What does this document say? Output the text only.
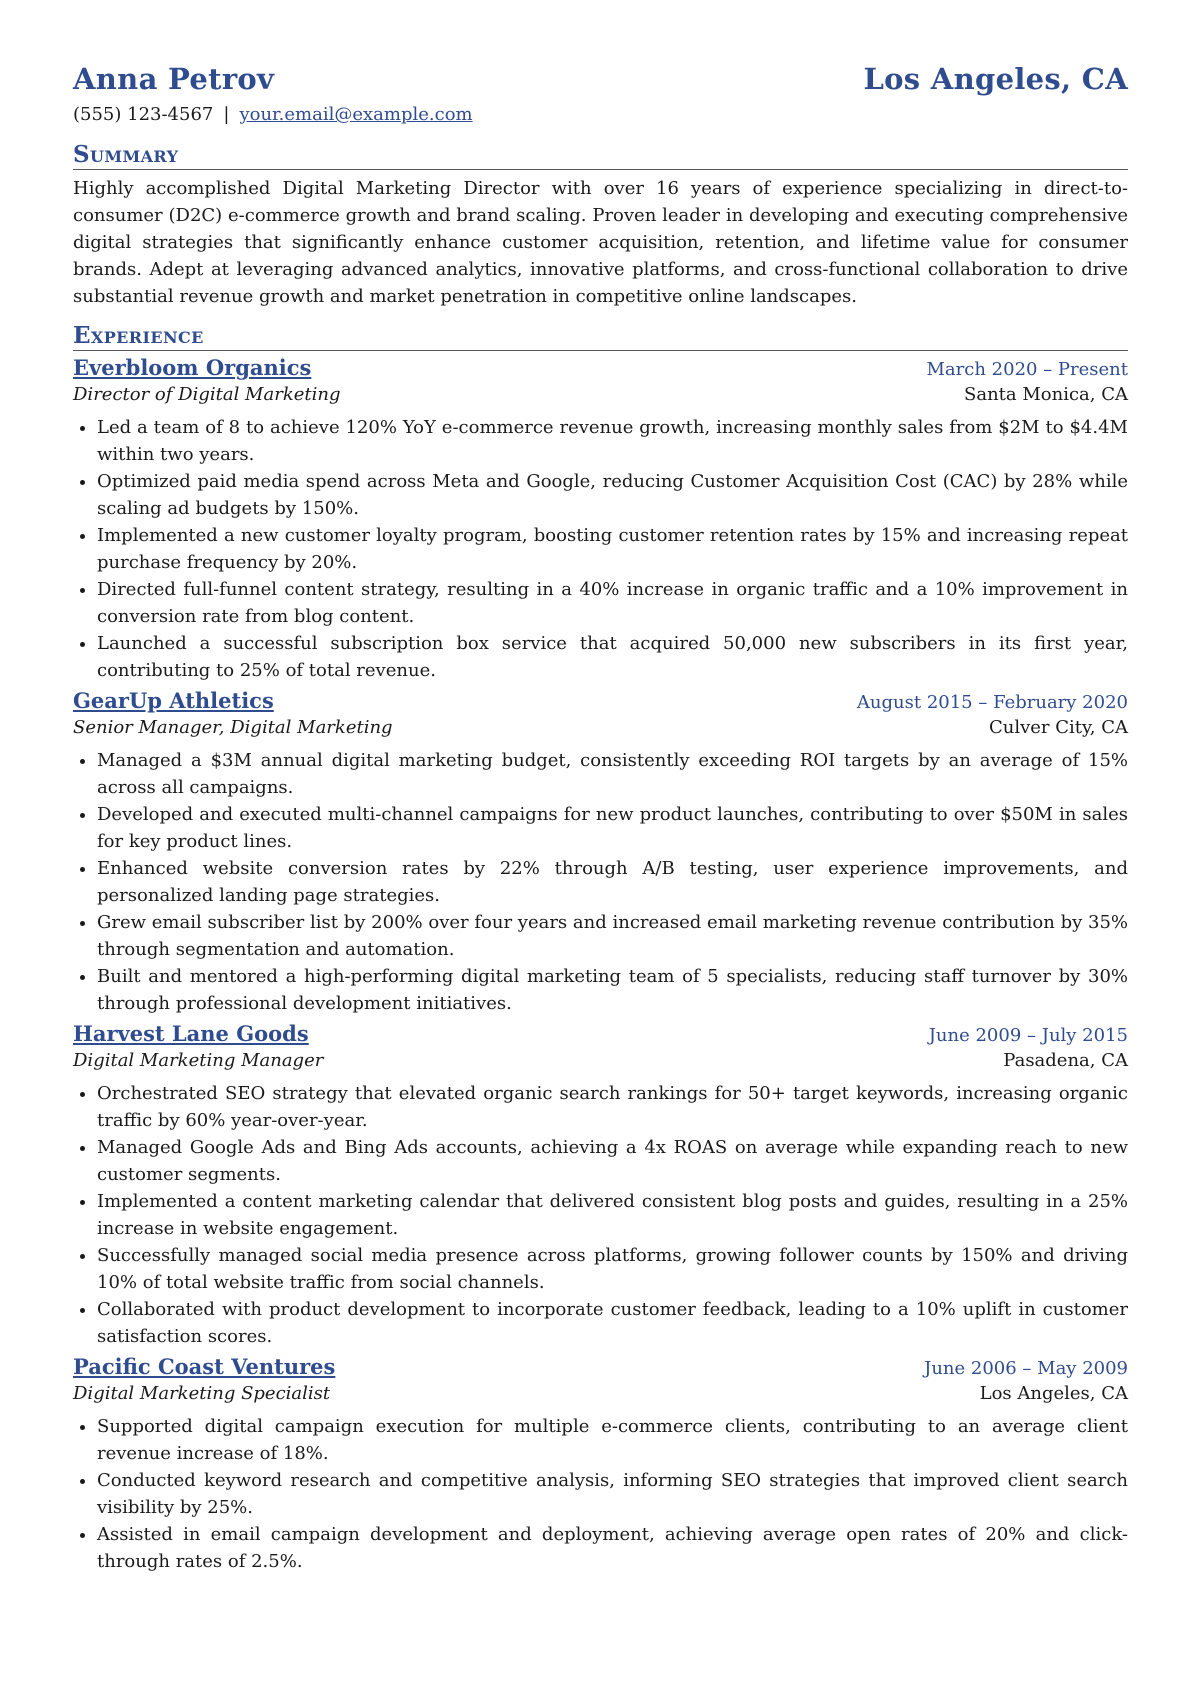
Anna Petrov	Los Angeles, CA
(555) 123-4567 | your.email@example.com
Summary
Highly accomplished Digital Marketing Director with over 16 years of experience specializing in direct-to-consumer (D2C) e-commerce growth and brand scaling. Proven leader in developing and executing comprehensive digital strategies that significantly enhance customer acquisition, retention, and lifetime value for consumer brands. Adept at leveraging advanced analytics, innovative platforms, and cross-functional collaboration to drive substantial revenue growth and market penetration in competitive online landscapes.
Experience
Everbloom Organics	March 2020 – Present
Director of Digital Marketing	Santa Monica, CA
• Led a team of 8 to achieve 120% YoY e-commerce revenue growth, increasing monthly sales from $2M to $4.4M within two years.
• Optimized paid media spend across Meta and Google, reducing Customer Acquisition Cost (CAC) by 28% while scaling ad budgets by 150%.
• Implemented a new customer loyalty program, boosting customer retention rates by 15% and increasing repeat purchase frequency by 20%.
• Directed full-funnel content strategy, resulting in a 40% increase in organic traffic and a 10% improvement in conversion rate from blog content.
• Launched a successful subscription box service that acquired 50,000 new subscribers in its first year, contributing to 25% of total revenue.
GearUp Athletics	August 2015 – February 2020
Senior Manager, Digital Marketing	Culver City, CA
• Managed a $3M annual digital marketing budget, consistently exceeding ROI targets by an average of 15% across all campaigns.
• Developed and executed multi-channel campaigns for new product launches, contributing to over $50M in sales for key product lines.
• Enhanced website conversion rates by 22% through A/B testing, user experience improvements, and personalized landing page strategies.
• Grew email subscriber list by 200% over four years and increased email marketing revenue contribution by 35% through segmentation and automation.
• Built and mentored a high-performing digital marketing team of 5 specialists, reducing staff turnover by 30% through professional development initiatives.
Harvest Lane Goods	June 2009 – July 2015
Digital Marketing Manager	Pasadena, CA
• Orchestrated SEO strategy that elevated organic search rankings for 50+ target keywords, increasing organic traffic by 60% year-over-year.
• Managed Google Ads and Bing Ads accounts, achieving a 4x ROAS on average while expanding reach to new customer segments.
• Implemented a content marketing calendar that delivered consistent blog posts and guides, resulting in a 25% increase in website engagement.
• Successfully managed social media presence across platforms, growing follower counts by 150% and driving 10% of total website traffic from social channels.
• Collaborated with product development to incorporate customer feedback, leading to a 10% uplift in customer satisfaction scores.
Pacific Coast Ventures	June 2006 – May 2009
Digital Marketing Specialist	Los Angeles, CA
• Supported digital campaign execution for multiple e-commerce clients, contributing to an average client revenue increase of 18%.
• Conducted keyword research and competitive analysis, informing SEO strategies that improved client search visibility by 25%.
• Assisted in email campaign development and deployment, achieving average open rates of 20% and click-through rates of 2.5%.
